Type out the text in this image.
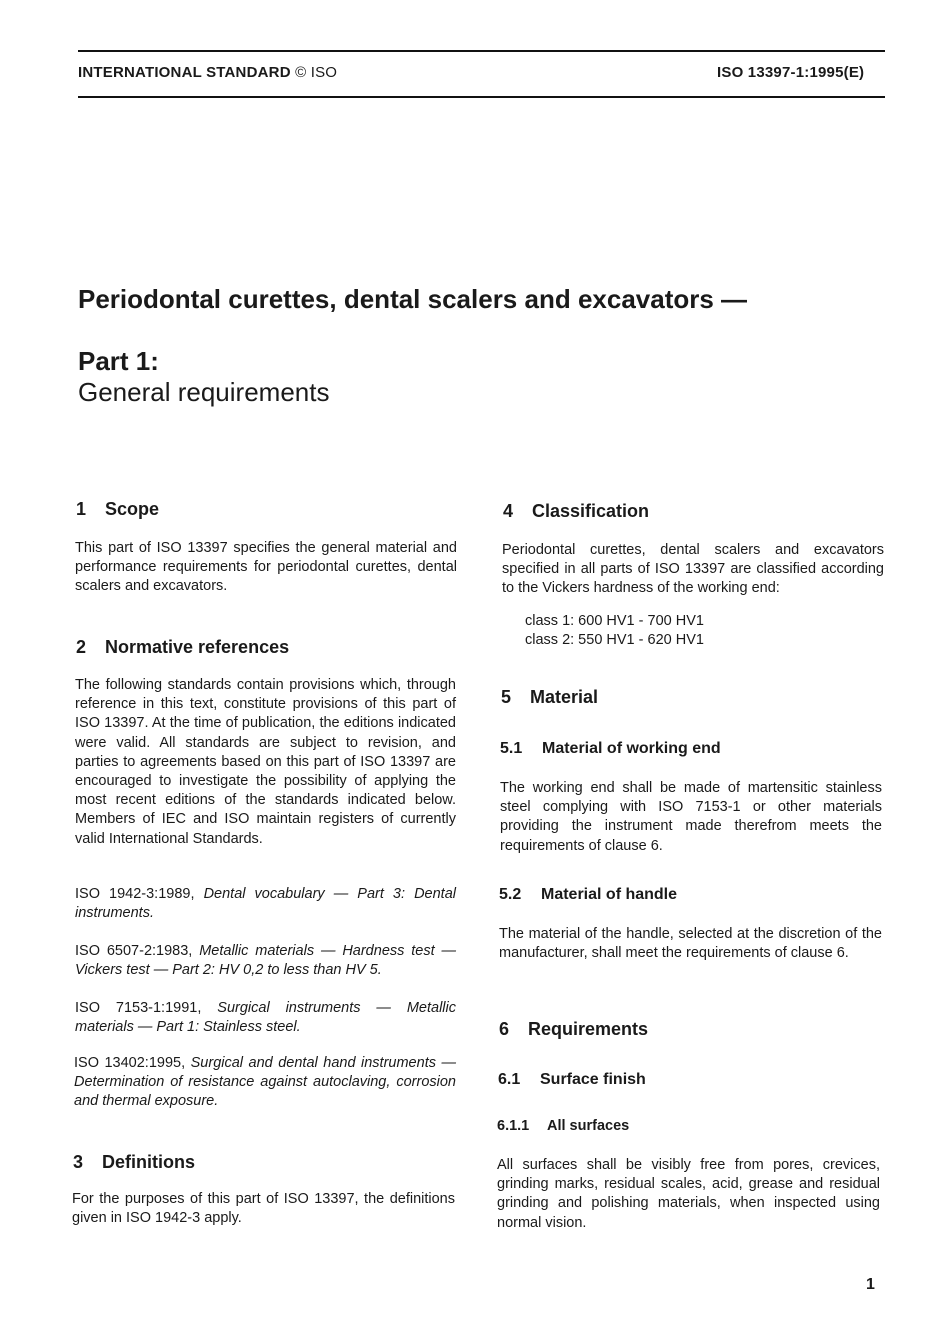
INTERNATIONAL STANDARD © ISO	ISO 13397-1:1995(E)
Periodontal curettes, dental scalers and excavators —
Part 1:
General requirements
1 Scope

This part of ISO 13397 specifies the general material and performance requirements for periodontal curettes, dental scalers and excavators.

2 Normative references

The following standards contain provisions which, through reference in this text, constitute provisions of this part of ISO 13397. At the time of publication, the editions indicated were valid. All standards are subject to revision, and parties to agreements based on this part of ISO 13397 are encouraged to investigate the possibility of applying the most recent editions of the standards indicated below. Members of IEC and ISO maintain registers of currently valid International Standards.

ISO 1942-3:1989, Dental vocabulary — Part 3: Dental instruments.

ISO 6507-2:1983, Metallic materials — Hardness test — Vickers test — Part 2: HV 0,2 to less than HV 5.

ISO 7153-1:1991, Surgical instruments — Metallic materials — Part 1: Stainless steel.

ISO 13402:1995, Surgical and dental hand instruments — Determination of resistance against autoclaving, corrosion and thermal exposure.

3 Definitions

For the purposes of this part of ISO 13397, the definitions given in ISO 1942-3 apply.

4 Classification

Periodontal curettes, dental scalers and excavators specified in all parts of ISO 13397 are classified according to the Vickers hardness of the working end:

class 1: 600 HV1 - 700 HV1
class 2: 550 HV1 - 620 HV1
5 Material
5.1 Material of working end

The working end shall be made of martensitic stainless steel complying with ISO 7153-1 or other materials providing the instrument made therefrom meets the requirements of clause 6.

5.2 Material of handle

The material of the handle, selected at the discretion of the manufacturer, shall meet the requirements of clause 6.

6 Requirements
6.1 Surface finish
6.1.1 All surfaces

All surfaces shall be visibly free from pores, crevices, grinding marks, residual scales, acid, grease and residual grinding and polishing materials, when inspected using normal vision.

1
